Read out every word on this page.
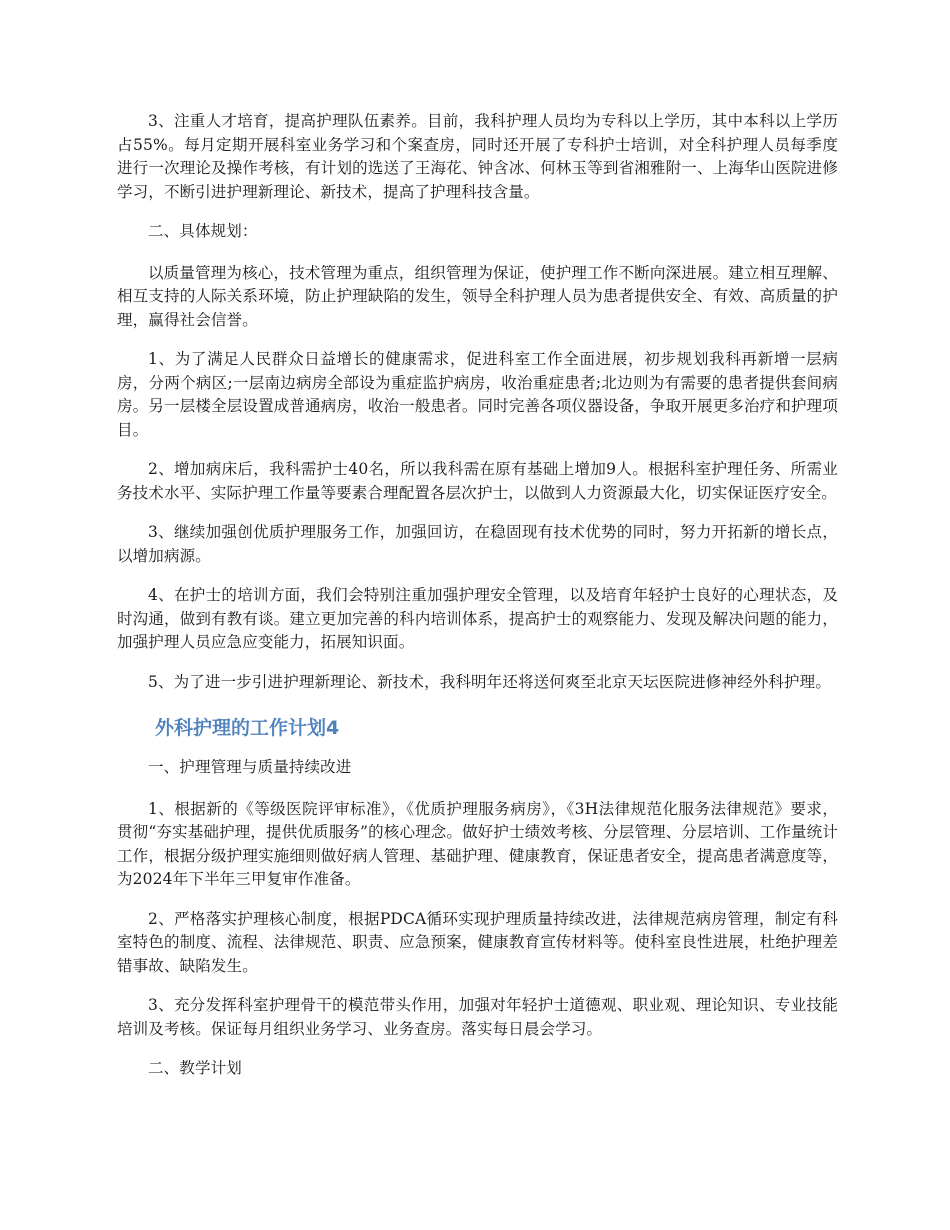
3、注重人才培育，提高护理队伍素养。目前，我科护理人员均为专科以上学历，其中本科以上学历占55%。每月定期开展科室业务学习和个案查房，同时还开展了专科护士培训，对全科护理人员每季度进行一次理论及操作考核，有计划的选送了王海花、钟含冰、何林玉等到省湘雅附一、上海华山医院进修学习，不断引进护理新理论、新技术，提高了护理科技含量。

二、具体规划：

以质量管理为核心，技术管理为重点，组织管理为保证，使护理工作不断向深进展。建立相互理解、相互支持的人际关系环境，防止护理缺陷的发生，领导全科护理人员为患者提供安全、有效、高质量的护理，赢得社会信誉。

1、为了满足人民群众日益增长的健康需求，促进科室工作全面进展，初步规划我科再新增一层病房，分两个病区;一层南边病房全部设为重症监护病房，收治重症患者;北边则为有需要的患者提供套间病房。另一层楼全层设置成普通病房，收治一般患者。同时完善各项仪器设备，争取开展更多治疗和护理项目。

2、增加病床后，我科需护士40名，所以我科需在原有基础上增加9人。根据科室护理任务、所需业务技术水平、实际护理工作量等要素合理配置各层次护士，以做到人力资源最大化，切实保证医疗安全。

3、继续加强创优质护理服务工作，加强回访，在稳固现有技术优势的同时，努力开拓新的增长点，以增加病源。

4、在护士的培训方面，我们会特别注重加强护理安全管理，以及培育年轻护士良好的心理状态，及时沟通，做到有教有谈。建立更加完善的科内培训体系，提高护士的观察能力、发现及解决问题的能力，加强护理人员应急应变能力，拓展知识面。

5、为了进一步引进护理新理论、新技术，我科明年还将送何爽至北京天坛医院进修神经外科护理。

外科护理的工作计划4

一、护理管理与质量持续改进

1、根据新的《等级医院评审标准》，《优质护理服务病房》，《3H法律规范化服务法律规范》要求，贯彻“夯实基础护理，提供优质服务”的核心理念。做好护士绩效考核、分层管理、分层培训、工作量统计工作，根据分级护理实施细则做好病人管理、基础护理、健康教育，保证患者安全，提高患者满意度等，为2024年下半年三甲复审作准备。

2、严格落实护理核心制度，根据PDCA循环实现护理质量持续改进，法律规范病房管理，制定有科室特色的制度、流程、法律规范、职责、应急预案，健康教育宣传材料等。使科室良性进展，杜绝护理差错事故、缺陷发生。

3、充分发挥科室护理骨干的模范带头作用，加强对年轻护士道德观、职业观、理论知识、专业技能培训及考核。保证每月组织业务学习、业务查房。落实每日晨会学习。

二、教学计划
